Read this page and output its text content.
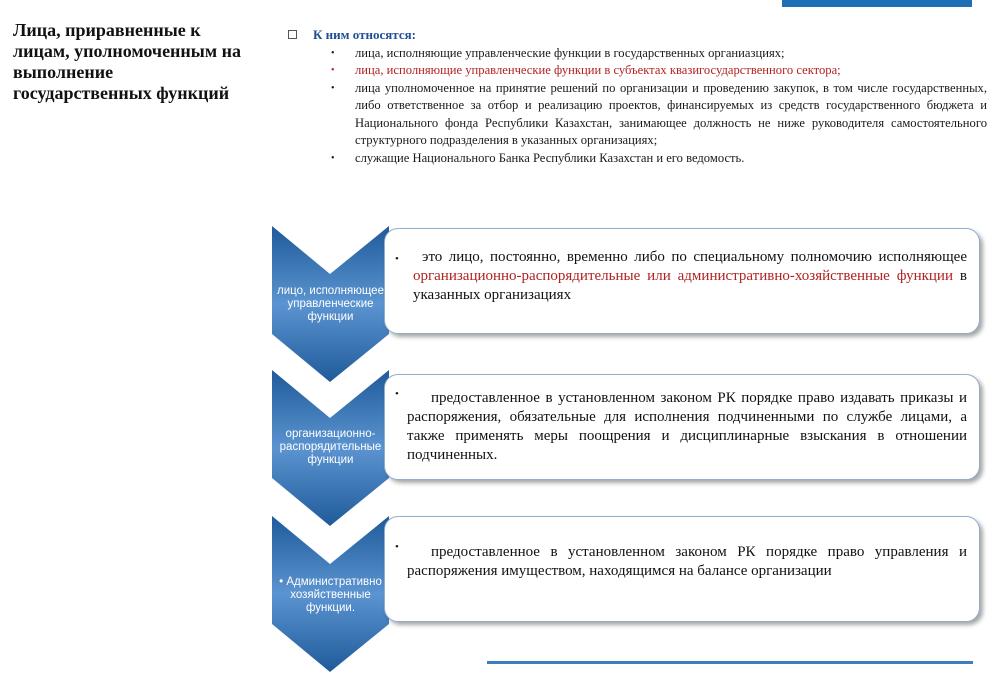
Лица, приравненные к лицам, уполномоченным на выполнение государственных функций
К ним относятся:
• лица, исполняющие управленческие функции в государственных органиазциях;
• лица, исполняющие управленческие функции в субъектах квазигосударственного сектора;
• лица уполномоченное на принятие решений по организации и проведению закупок, в том числе государственных, либо ответственное за отбор и реализацию проектов, финансируемых из средств государственного бюджета и Национального фонда Республики Казахстан, занимающее должность не ниже руководителя самостоятельного структурного подразделения в указанных организациях;
• служащие Национального Банка Республики Казахстан и его ведомость.
лицо, исполняющее управленческие функции
•	это лицо, постоянно, временно либо по специальному полномочию исполняющее организационно-распорядительные или административно-хозяйственные функции в указанных организациях
организационно-распорядительные функции
•	предоставленное в установленном законом РК порядке право издавать приказы и распоряжения, обязательные для исполнения подчиненными по службе лицами, а также применять меры поощрения и дисциплинарные взыскания в отношении подчиненных.
• Административно хозяйственные функции.
•	предоставленное в установленном законом РК порядке право управления и распоряжения имуществом, находящимся на балансе организации
